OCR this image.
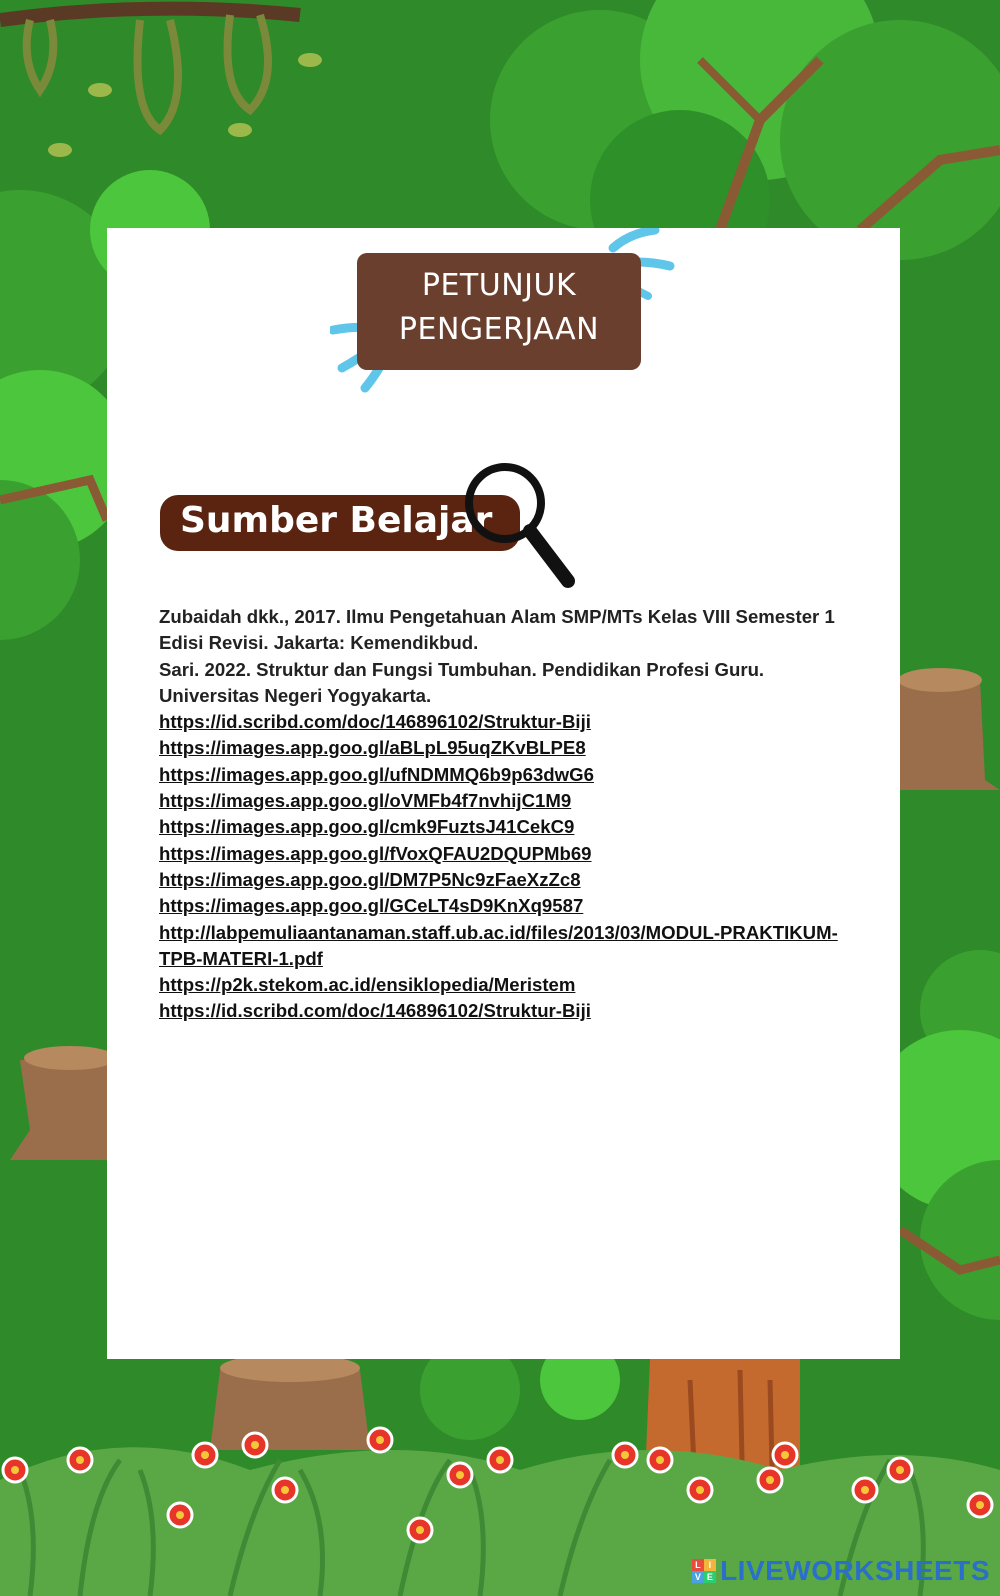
PETUNJUK
PENGERJAAN
Sumber Belajar

Zubaidah dkk., 2017. Ilmu Pengetahuan Alam SMP/MTs Kelas VIII Semester 1 Edisi Revisi. Jakarta: Kemendikbud.

Sari. 2022. Struktur dan Fungsi Tumbuhan. Pendidikan Profesi Guru. Universitas Negeri Yogyakarta.

https://id.scribd.com/doc/146896102/Struktur-Biji
https://images.app.goo.gl/aBLpL95uqZKvBLPE8
https://images.app.goo.gl/ufNDMMQ6b9p63dwG6
https://images.app.goo.gl/oVMFb4f7nvhijC1M9
https://images.app.goo.gl/cmk9FuztsJ41CekC9
https://images.app.goo.gl/fVoxQFAU2DQUPMb69
https://images.app.goo.gl/DM7P5Nc9zFaeXzZc8
https://images.app.goo.gl/GCeLT4sD9KnXq9587
http://labpemuliaantanaman.staff.ub.ac.id/files/2013/03/MODUL-PRAKTIKUM-TPB-MATERI-1.pdf
https://p2k.stekom.ac.id/ensiklopedia/Meristem
https://id.scribd.com/doc/146896102/Struktur-Biji
L I
V E LIVEWORKSHEETS
